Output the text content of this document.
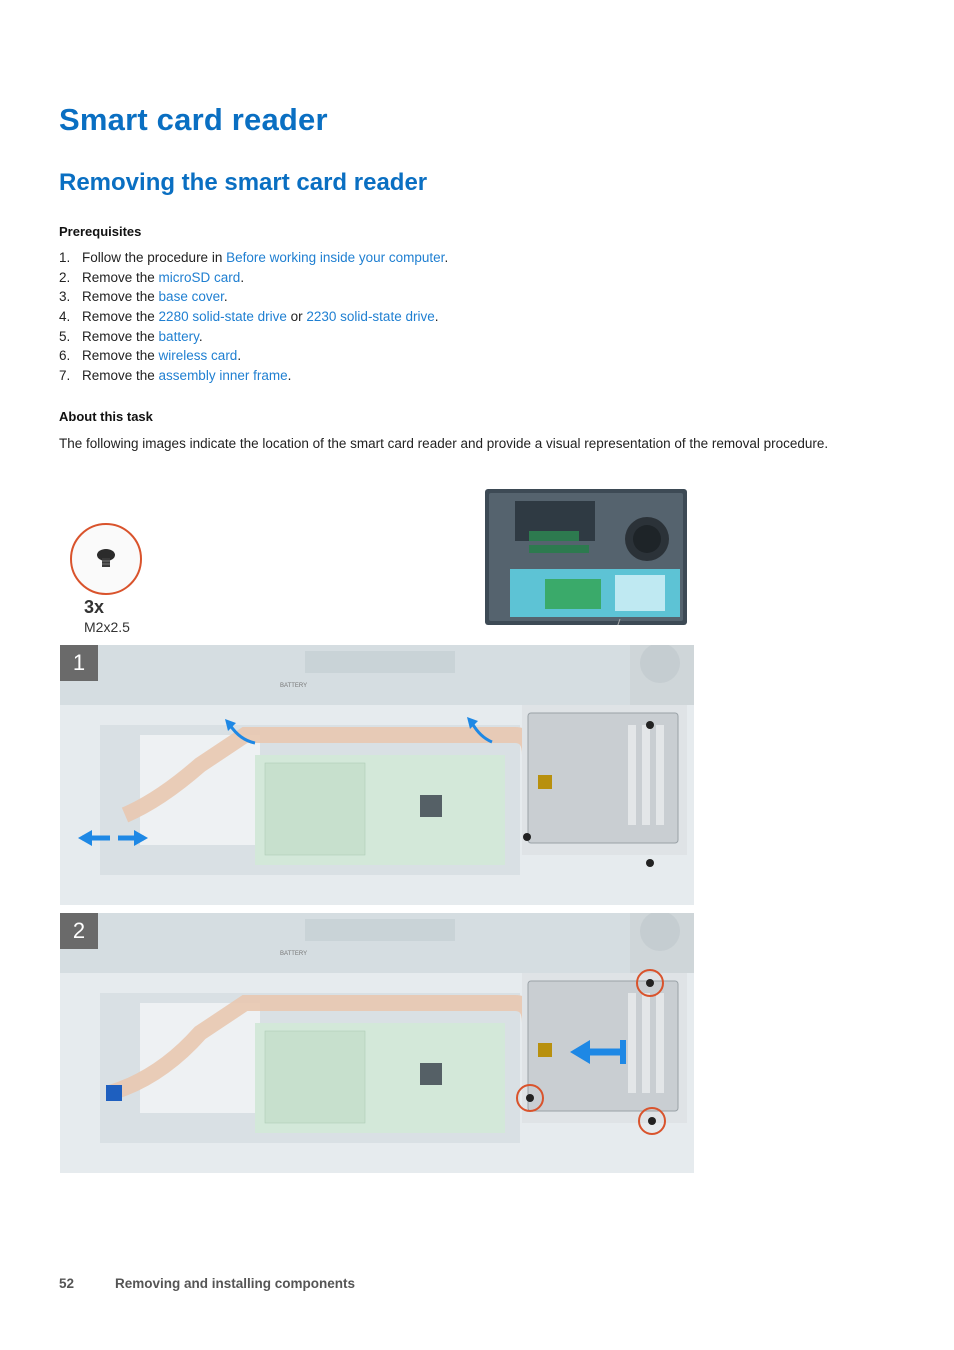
Smart card reader
Removing the smart card reader
Prerequisites
1. Follow the procedure in Before working inside your computer.
2. Remove the microSD card.
3. Remove the base cover.
4. Remove the 2280 solid-state drive or 2230 solid-state drive.
5. Remove the battery.
6. Remove the wireless card.
7. Remove the assembly inner frame.
About this task

The following images indicate the location of the smart card reader and provide a visual representation of the removal procedure.

3x
M2x2.5
1
BATTERY
2
BATTERY
52	Removing and installing components
